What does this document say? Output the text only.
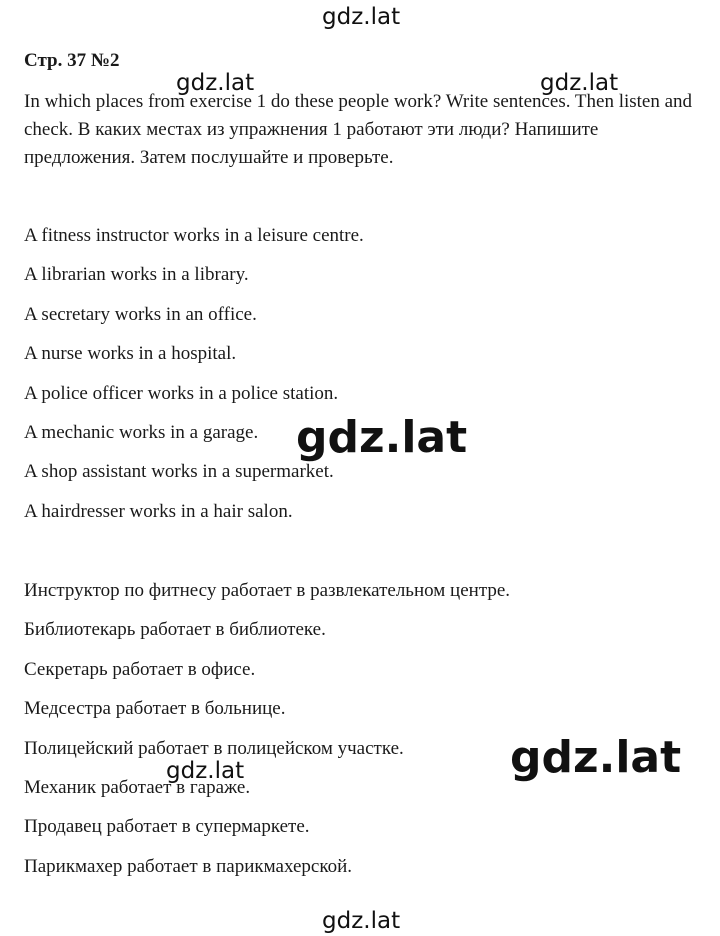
Стр. 37 №2

In which places from exercise 1 do these people work? Write sentences. Then listen and check. В каких местах из упражнения 1 работают эти люди? Напишите предложения. Затем послушайте и проверьте.

A fitness instructor works in a leisure centre.
A librarian works in a library.
A secretary works in an office.
A nurse works in a hospital.
A police officer works in a police station.
A mechanic works in a garage.
A shop assistant works in a supermarket.
A hairdresser works in a hair salon.
Инструктор по фитнесу работает в развлекательном центре.
Библиотекарь работает в библиотеке.
Секретарь работает в офисе.
Медсестра работает в больнице.
Полицейский работает в полицейском участке.
Механик работает в гараже.
Продавец работает в супермаркете.
Парикмахер работает в парикмахерской.
gdz.lat
gdz.lat	gdz.lat
gdz.lat
gdz.lat
gdz.lat
gdz.lat
